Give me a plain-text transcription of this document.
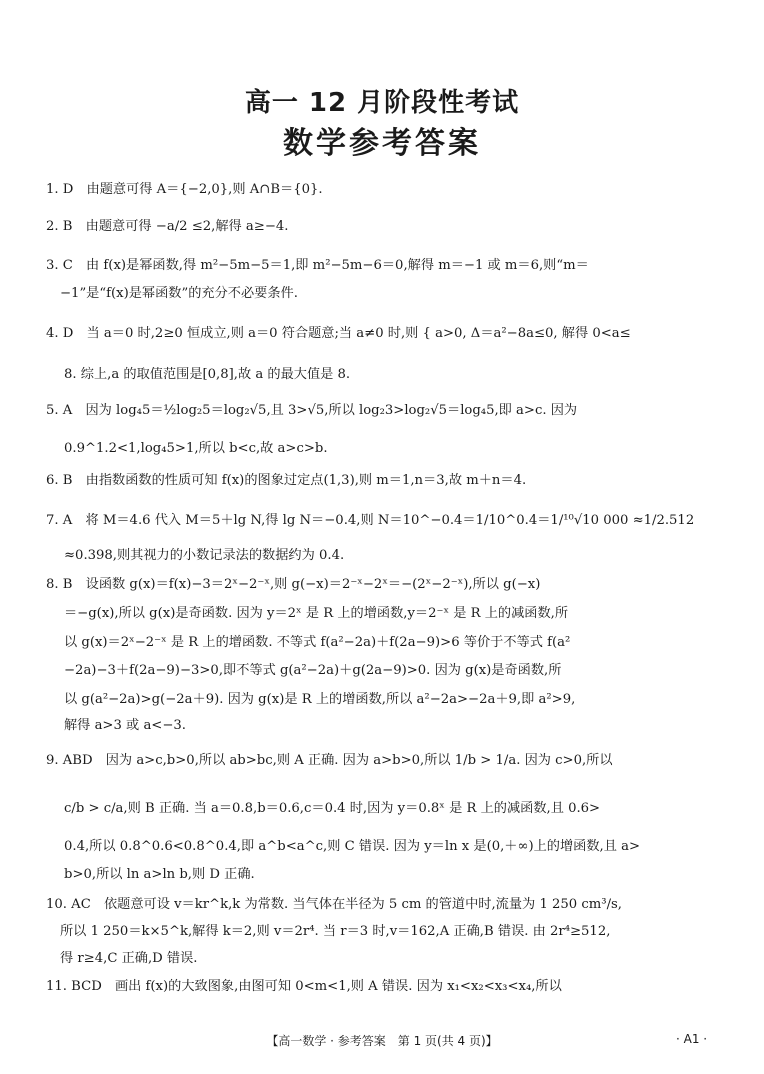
高一 12 月阶段性考试
数学参考答案
1. D　由题意可得 A＝{−2,0},则 A∩B＝{0}.
2. B　由题意可得 −a/2 ≤2,解得 a≥−4.
3. C　由 f(x)是幂函数,得 m²−5m−5＝1,即 m²−5m−6＝0,解得 m＝−1 或 m＝6,则“m＝
−1”是“f(x)是幂函数”的充分不必要条件.
4. D　当 a＝0 时,2≥0 恒成立,则 a＝0 符合题意;当 a≠0 时,则 { a>0, Δ＝a²−8a≤0, 解得 0<a≤
8. 综上,a 的取值范围是[0,8],故 a 的最大值是 8.
5. A　因为 log₄5＝½log₂5＝log₂√5,且 3>√5,所以 log₂3>log₂√5＝log₄5,即 a>c. 因为
0.9^1.2<1,log₄5>1,所以 b<c,故 a>c>b.
6. B　由指数函数的性质可知 f(x)的图象过定点(1,3),则 m＝1,n＝3,故 m＋n＝4.
7. A　将 M＝4.6 代入 M＝5＋lg N,得 lg N＝−0.4,则 N＝10^−0.4＝1/10^0.4＝1/¹⁰√10 000 ≈1/2.512
≈0.398,则其视力的小数记录法的数据约为 0.4.
8. B　设函数 g(x)＝f(x)−3＝2ˣ−2⁻ˣ,则 g(−x)＝2⁻ˣ−2ˣ＝−(2ˣ−2⁻ˣ),所以 g(−x)
＝−g(x),所以 g(x)是奇函数. 因为 y＝2ˣ 是 R 上的增函数,y＝2⁻ˣ 是 R 上的减函数,所
以 g(x)＝2ˣ−2⁻ˣ 是 R 上的增函数. 不等式 f(a²−2a)＋f(2a−9)>6 等价于不等式 f(a²
−2a)−3＋f(2a−9)−3>0,即不等式 g(a²−2a)＋g(2a−9)>0. 因为 g(x)是奇函数,所
以 g(a²−2a)>g(−2a＋9). 因为 g(x)是 R 上的增函数,所以 a²−2a>−2a＋9,即 a²>9,
解得 a>3 或 a<−3.
9. ABD　因为 a>c,b>0,所以 ab>bc,则 A 正确. 因为 a>b>0,所以 1/b > 1/a. 因为 c>0,所以
c/b > c/a,则 B 正确. 当 a＝0.8,b＝0.6,c＝0.4 时,因为 y＝0.8ˣ 是 R 上的减函数,且 0.6>
0.4,所以 0.8^0.6<0.8^0.4,即 a^b<a^c,则 C 错误. 因为 y＝ln x 是(0,＋∞)上的增函数,且 a>
b>0,所以 ln a>ln b,则 D 正确.
10. AC　依题意可设 v＝kr^k,k 为常数. 当气体在半径为 5 cm 的管道中时,流量为 1 250 cm³/s,
所以 1 250＝k×5^k,解得 k＝2,则 v＝2r⁴. 当 r＝3 时,v＝162,A 正确,B 错误. 由 2r⁴≥512,
得 r≥4,C 正确,D 错误.
11. BCD　画出 f(x)的大致图象,由图可知 0<m<1,则 A 错误. 因为 x₁<x₂<x₃<x₄,所以
【高一数学 · 参考答案　第 1 页(共 4 页)】	· A1 ·
